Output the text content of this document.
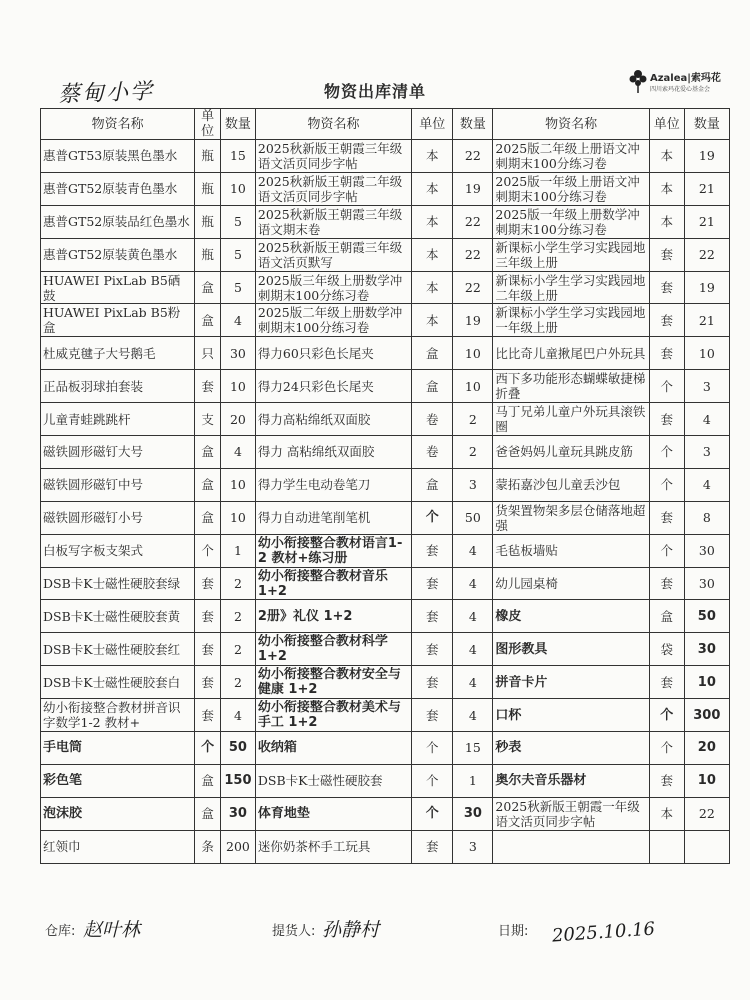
蔡甸小学	物资出库清单
Azalea|索玛花
四川索玛花爱心基金会
物资名称	单位	数量	物资名称	单位	数量	物资名称	单位	数量

惠普GT53原装黑色墨水	瓶	15	2025秋新版王朝霞三年级语文活页同步字帖	本	22	2025版二年级上册语文冲刺期末100分练习卷	本	19

惠普GT52原装青色墨水	瓶	10	2025秋新版王朝霞二年级语文活页同步字帖	本	19	2025版一年级上册语文冲刺期末100分练习卷	本	21

惠普GT52原装品红色墨水	瓶	5	2025秋新版王朝霞三年级语文期末卷	本	22	2025版一年级上册数学冲刺期末100分练习卷	本	21

惠普GT52原装黄色墨水	瓶	5	2025秋新版王朝霞三年级语文活页默写	本	22	新课标小学生学习实践园地三年级上册	套	22

HUAWEI PixLab B5硒鼓	盒	5	2025版三年级上册数学冲刺期末100分练习卷	本	22	新课标小学生学习实践园地二年级上册	套	19

HUAWEI PixLab B5粉盒	盒	4	2025版二年级上册数学冲刺期末100分练习卷	本	19	新课标小学生学习实践园地一年级上册	套	21

杜威克毽子大号鹅毛	只	30	得力60只彩色长尾夹	盒	10	比比奇儿童揪尾巴户外玩具	套	10

正品板羽球拍套装	套	10	得力24只彩色长尾夹	盒	10	西下多功能形态蝴蝶敏捷梯折叠	个	3

儿童青蛙跳跳杆	支	20	得力高粘绵纸双面胶	卷	2	马丁兄弟儿童户外玩具滚铁圈	套	4

磁铁圆形磁钉大号	盒	4	得力 高粘绵纸双面胶	卷	2	爸爸妈妈儿童玩具跳皮筋	个	3

磁铁圆形磁钉中号	盒	10	得力学生电动卷笔刀	盒	3	蒙拓嘉沙包儿童丢沙包	个	4

磁铁圆形磁钉小号	盒	10	得力自动进笔削笔机	个	50	货架置物架多层仓储落地超强	套	8

白板写字板支架式	个	1	幼小衔接整合教材语言1-2 教材+练习册	套	4	毛毡板墙贴	个	30

DSB卡K士磁性硬胶套绿	套	2	幼小衔接整合教材音乐1+2	套	4	幼儿园桌椅	套	30

DSB卡K士磁性硬胶套黄	套	2	2册》礼仪 1+2	套	4	橡皮	盒	50

DSB卡K士磁性硬胶套红	套	2	幼小衔接整合教材科学1+2	套	4	图形教具	袋	30

DSB卡K士磁性硬胶套白	套	2	幼小衔接整合教材安全与健康 1+2	套	4	拼音卡片	套	10

幼小衔接整合教材拼音识字数学1-2 教材+	套	4	幼小衔接整合教材美术与手工 1+2	套	4	口杯	个	300

手电筒	个	50	收纳箱	个	15	秒表	个	20

彩色笔	盒	150	DSB卡K士磁性硬胶套	个	1	奥尔夫音乐器材	套	10

泡沫胶	盒	30	体育地垫	个	30	2025秋新版王朝霞一年级语文活页同步字帖	本	22

红领巾	条	200	迷你奶茶杯手工玩具	套	3	

仓库: 赵叶林	提货人: 孙静村	日期: 2025.10.16
